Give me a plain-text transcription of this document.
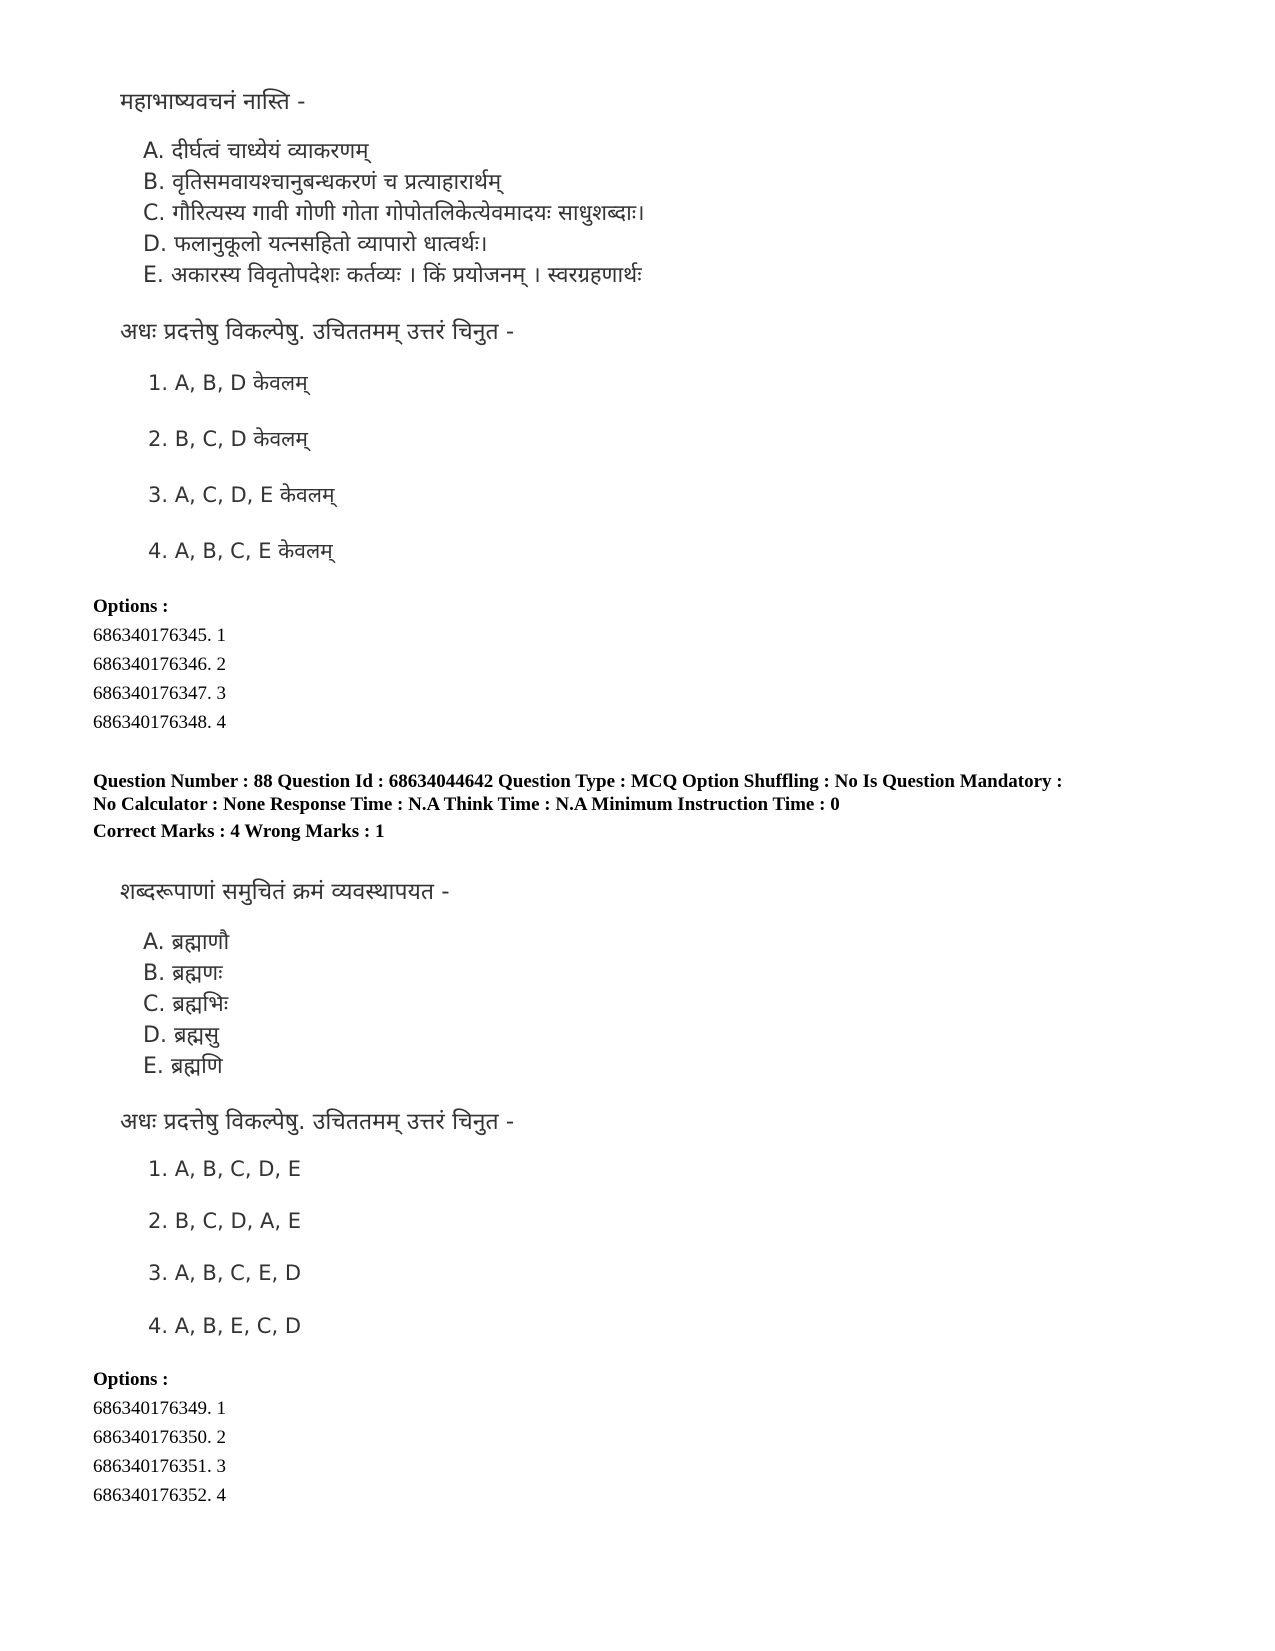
महाभाष्यवचनं नास्ति -
A. दीर्घत्वं चाध्येयं व्याकरणम्
B. वृतिसमवायश्चानुबन्धकरणं च प्रत्याहारार्थम्
C. गौरित्यस्य गावी गोणी गोता गोपोतलिकेत्येवमादयः साधुशब्दाः।
D. फलानुकूलो यत्नसहितो व्यापारो धात्वर्थः।
E. अकारस्य विवृतोपदेशः कर्तव्यः । किं प्रयोजनम् । स्वरग्रहणार्थः
अधः प्रदत्तेषु विकल्पेषु. उचिततमम् उत्तरं चिनुत -
1. A, B, D केवलम्
2. B, C, D केवलम्
3. A, C, D, E केवलम्
4. A, B, C, E केवलम्
Options :
686340176345. 1
686340176346. 2
686340176347. 3
686340176348. 4
Question Number : 88 Question Id : 68634044642 Question Type : MCQ Option Shuffling : No Is Question Mandatory :
No Calculator : None Response Time : N.A Think Time : N.A Minimum Instruction Time : 0
Correct Marks : 4 Wrong Marks : 1
शब्दरूपाणां समुचितं क्रमं व्यवस्थापयत -
A. ब्रह्माणौ
B. ब्रह्मणः
C. ब्रह्मभिः
D. ब्रह्मसु
E. ब्रह्मणि
अधः प्रदत्तेषु विकल्पेषु. उचिततमम् उत्तरं चिनुत -
1. A, B, C, D, E
2. B, C, D, A, E
3. A, B, C, E, D
4. A, B, E, C, D
Options :
686340176349. 1
686340176350. 2
686340176351. 3
686340176352. 4
